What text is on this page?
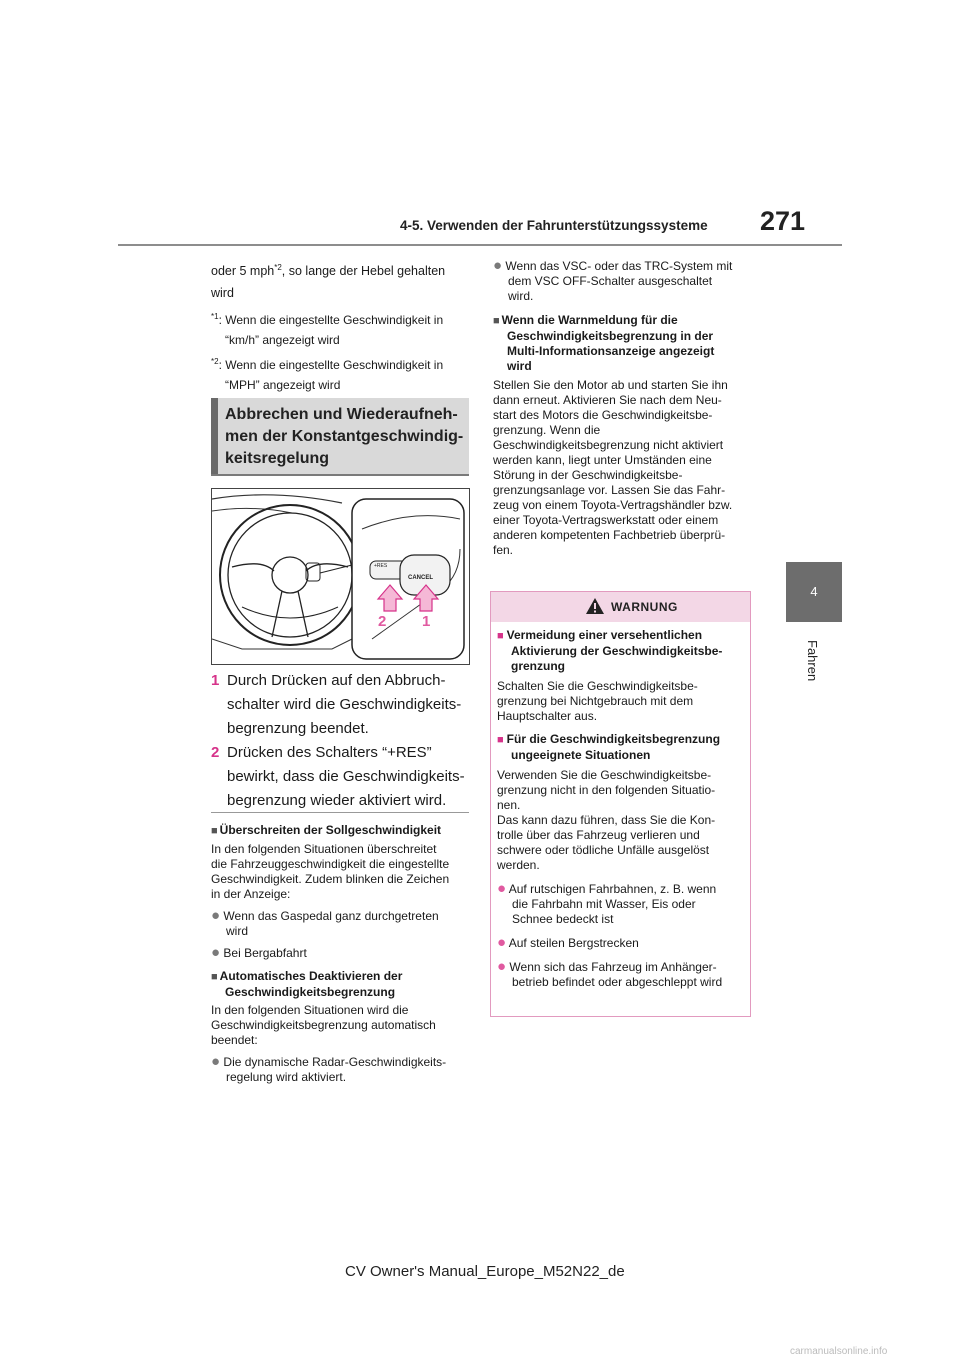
4-5. Verwenden der Fahrunterstützungssysteme 271
4
Fahren

oder 5 mph$^{*2}$, so lange der Hebel gehalten

wird

$^{*1}$: Wenn die eingestellte Geschwindigkeit in
“km/h” angezeigt wird
$^{*2}$: Wenn die eingestellte Geschwindigkeit in
“MPH” angezeigt wird
Abbrechen und Wiederaufneh-
men der Konstantgeschwindig-
keitsregelung
+RES
CANCEL
2 1
1 Durch Drücken auf den Abbruch-
schalter wird die Geschwindigkeits-
begrenzung beendet.
2 Drücken des Schalters “+RES”
bewirkt, dass die Geschwindigkeits-
begrenzung wieder aktiviert wird.
■ Überschreiten der Sollgeschwindigkeit
In den folgenden Situationen überschreitet
die Fahrzeuggeschwindigkeit die eingestellte
Geschwindigkeit. Zudem blinken die Zeichen
in der Anzeige:
● Wenn das Gaspedal ganz durchgetreten
wird
● Bei Bergabfahrt
■ Automatisches Deaktivieren der
Geschwindigkeitsbegrenzung
In den folgenden Situationen wird die
Geschwindigkeitsbegrenzung automatisch
beendet:
● Die dynamische Radar-Geschwindigkeits-
regelung wird aktiviert.
● Wenn das VSC- oder das TRC-System mit
dem VSC OFF-Schalter ausgeschaltet
wird.
■ Wenn die Warnmeldung für die
Geschwindigkeitsbegrenzung in der
Multi-Informationsanzeige angezeigt
wird
Stellen Sie den Motor ab und starten Sie ihn
dann erneut. Aktivieren Sie nach dem Neu-
start des Motors die Geschwindigkeitsbe-
grenzung. Wenn die
Geschwindigkeitsbegrenzung nicht aktiviert
werden kann, liegt unter Umständen eine
Störung in der Geschwindigkeitsbe-
grenzungsanlage vor. Lassen Sie das Fahr-
zeug von einem Toyota-Vertragshändler bzw.
einer Toyota-Vertragswerkstatt oder einem
anderen kompetenten Fachbetrieb überprü-
fen.
WARNUNG
■ Vermeidung einer versehentlichen
Aktivierung der Geschwindigkeitsbe-
grenzung
Schalten Sie die Geschwindigkeitsbe-
grenzung bei Nichtgebrauch mit dem
Hauptschalter aus.
■ Für die Geschwindigkeitsbegrenzung
ungeeignete Situationen
Verwenden Sie die Geschwindigkeitsbe-
grenzung nicht in den folgenden Situatio-
nen.
Das kann dazu führen, dass Sie die Kon-
trolle über das Fahrzeug verlieren und
schwere oder tödliche Unfälle ausgelöst
werden.
● Auf rutschigen Fahrbahnen, z. B. wenn
die Fahrbahn mit Wasser, Eis oder
Schnee bedeckt ist
● Auf steilen Bergstrecken
● Wenn sich das Fahrzeug im Anhänger-
betrieb befindet oder abgeschleppt wird
CV Owner's Manual_Europe_M52N22_de
carmanualsonline.info
